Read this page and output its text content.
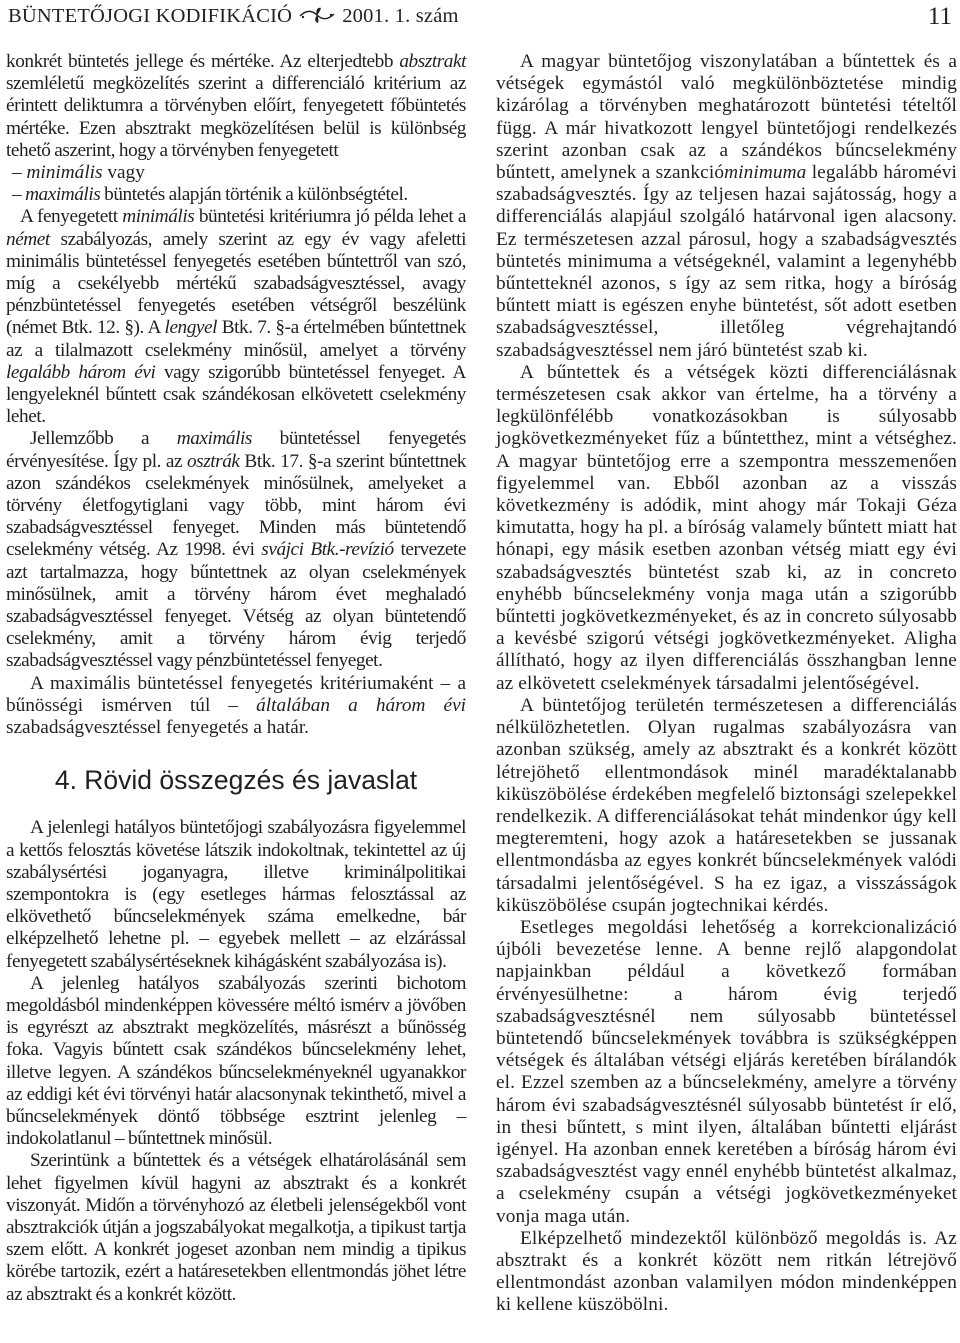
BÜNTETŐJOGI KODIFIKÁCIÓ 2001. 1. szám	11

konkrét büntetés jellege és mértéke. Az elterjedtebb absztrakt szemléletű megközelítés szerint a differenciáló kritérium az érintett deliktumra a törvényben előírt, fenyegetett főbüntetés mértéke. Ezen absztrakt megközelítésen belül is különbség tehető aszerint, hogy a törvényben fenyegetett

– minimális vagy

– maximális büntetés alapján történik a különbségtétel.

A fenyegetett minimális büntetési kritériumra jó példa lehet a német szabályozás, amely szerint az egy év vagy afeletti minimális büntetéssel fenyegetés esetében bűntettről van szó, míg a csekélyebb mértékű szabadságvesztéssel, avagy pénzbüntetéssel fenyegetés esetében vétségről beszélünk (német Btk. 12. §). A lengyel Btk. 7. §-a értelmében bűntettnek az a tilalmazott cselekmény minősül, amelyet a törvény legalább három évi vagy szigorúbb büntetéssel fenyeget. A lengyeleknél bűntett csak szándékosan elkövetett cselekmény lehet.

Jellemzőbb a maximális büntetéssel fenyegetés érvényesítése. Így pl. az osztrák Btk. 17. §-a szerint bűntettnek azon szándékos cselekmények minősülnek, amelyeket a törvény életfogytiglani vagy több, mint három évi szabadságvesztéssel fenyeget. Minden más büntetendő cselekmény vétség. Az 1998. évi svájci Btk.-revízió tervezete azt tartalmazza, hogy bűntettnek az olyan cselekmények minősülnek, amit a törvény három évet meghaladó szabadságvesztéssel fenyeget. Vétség az olyan büntetendő cselekmény, amit a törvény három évig terjedő szabadságvesztéssel vagy pénzbüntetéssel fenyeget.

A maximális büntetéssel fenyegetés kritériumaként – a bűnösségi ismérven túl – általában a három évi szabadságvesztéssel fenyegetés a határ.

4. Rövid összegzés és javaslat

A jelenlegi hatályos büntetőjogi szabályozásra figyelemmel a kettős felosztás követése látszik indokoltnak, tekintettel az új szabálysértési joganyagra, illetve kriminálpolitikai szempontokra is (egy esetleges hármas felosztással az elkövethető bűncselekmények száma emelkedne, bár elképzelhető lehetne pl. – egyebek mellett – az elzárással fenyegetett szabálysértéseknek kihágásként szabályozása is).

A jelenleg hatályos szabályozás szerinti bichotom megoldásból mindenképpen kövessére méltó ismérv a jövőben is egyrészt az absztrakt megközelítés, másrészt a bűnösség foka. Vagyis bűntett csak szándékos bűncselekmény lehet, illetve legyen. A szándékos bűncselekményeknél ugyanakkor az eddigi két évi törvényi határ alacsonynak tekinthető, mivel a bűncselekmények döntő többsége esztrint jelenleg – indokolatlanul – bűntettnek minősül.

Szerintünk a bűntettek és a vétségek elhatárolásánál sem lehet figyelmen kívül hagyni az absztrakt és a konkrét viszonyát. Midőn a törvényhozó az életbeli jelenségekből vont absztrakciók útján a jogszabályokat megalkotja, a tipikust tartja szem előtt. A konkrét jogeset azonban nem mindig a tipikus körébe tartozik, ezért a határesetekben ellentmondás jöhet létre az absztrakt és a konkrét között.

A magyar büntetőjog viszonylatában a bűntettek és a vétségek egymástól való megkülönböztetése mindig kizárólag a törvényben meghatározott büntetési tételtől függ. A már hivatkozott lengyel büntetőjogi rendelkezés szerint azonban csak az a szándékos bűncselekmény bűntett, amelynek a szankcióminimuma legalább háromévi szabadságvesztés. Így az teljesen hazai sajátosság, hogy a differenciálás alapjául szolgáló határvonal igen alacsony. Ez természetesen azzal párosul, hogy a szabadságvesztés büntetés minimuma a vétségeknél, valamint a legenyhébb bűntetteknél azonos, s így az sem ritka, hogy a bíróság bűntett miatt is egészen enyhe büntetést, sőt adott esetben szabadságvesztéssel, illetőleg végrehajtandó szabadságvesztéssel nem járó büntetést szab ki.

A bűntettek és a vétségek közti differenciálásnak természetesen csak akkor van értelme, ha a törvény a legkülönfélébb vonatkozásokban is súlyosabb jogkövetkezményeket fűz a bűntetthez, mint a vétséghez. A magyar büntetőjog erre a szempontra messzemenően figyelemmel van. Ebből azonban az a visszás következmény is adódik, mint ahogy már Tokaji Géza kimutatta, hogy ha pl. a bíróság valamely bűntett miatt hat hónapi, egy másik esetben azonban vétség miatt egy évi szabadságvesztés büntetést szab ki, az in concreto enyhébb bűncselekmény vonja maga után a szigorúbb bűntetti jogkövetkezményeket, és az in concreto súlyosabb a kevésbé szigorú vétségi jogkövetkezményeket. Aligha állítható, hogy az ilyen differenciálás összhangban lenne az elkövetett cselekmények társadalmi jelentőségével.

A büntetőjog területén természetesen a differenciálás nélkülözhetetlen. Olyan rugalmas szabályozásra van azonban szükség, amely az absztrakt és a konkrét között létrejöhető ellentmondások minél maradéktalanabb kiküszöbölése érdekében megfelelő biztonsági szelepekkel rendelkezik. A differenciálásokat tehát mindenkor úgy kell megteremteni, hogy azok a határesetekben se jussanak ellentmondásba az egyes konkrét bűncselekmények valódi társadalmi jelentőségével. S ha ez igaz, a visszásságok kiküszöbölése csupán jogtechnikai kérdés.

Esetleges megoldási lehetőség a korrekcionalizáció újbóli bevezetése lenne. A benne rejlő alapgondolat napjainkban például a következő formában érvényesülhetne: a három évig terjedő szabadságvesztésnél nem súlyosabb büntetéssel büntetendő bűncselekmények továbbra is szükségképpen vétségek és általában vétségi eljárás keretében bírálandók el. Ezzel szemben az a bűncselekmény, amelyre a törvény három évi szabadságvesztésnél súlyosabb büntetést ír elő, in thesi bűntett, s mint ilyen, általában bűntetti eljárást igényel. Ha azonban ennek keretében a bíróság három évi szabadságvesztést vagy ennél enyhébb büntetést alkalmaz, a cselekmény csupán a vétségi jogkövetkezményeket vonja maga után.

Elképzelhető mindezektől különböző megoldás is. Az absztrakt és a konkrét között nem ritkán létrejövő ellentmondást azonban valamilyen módon mindenképpen ki kellene küszöbölni.
